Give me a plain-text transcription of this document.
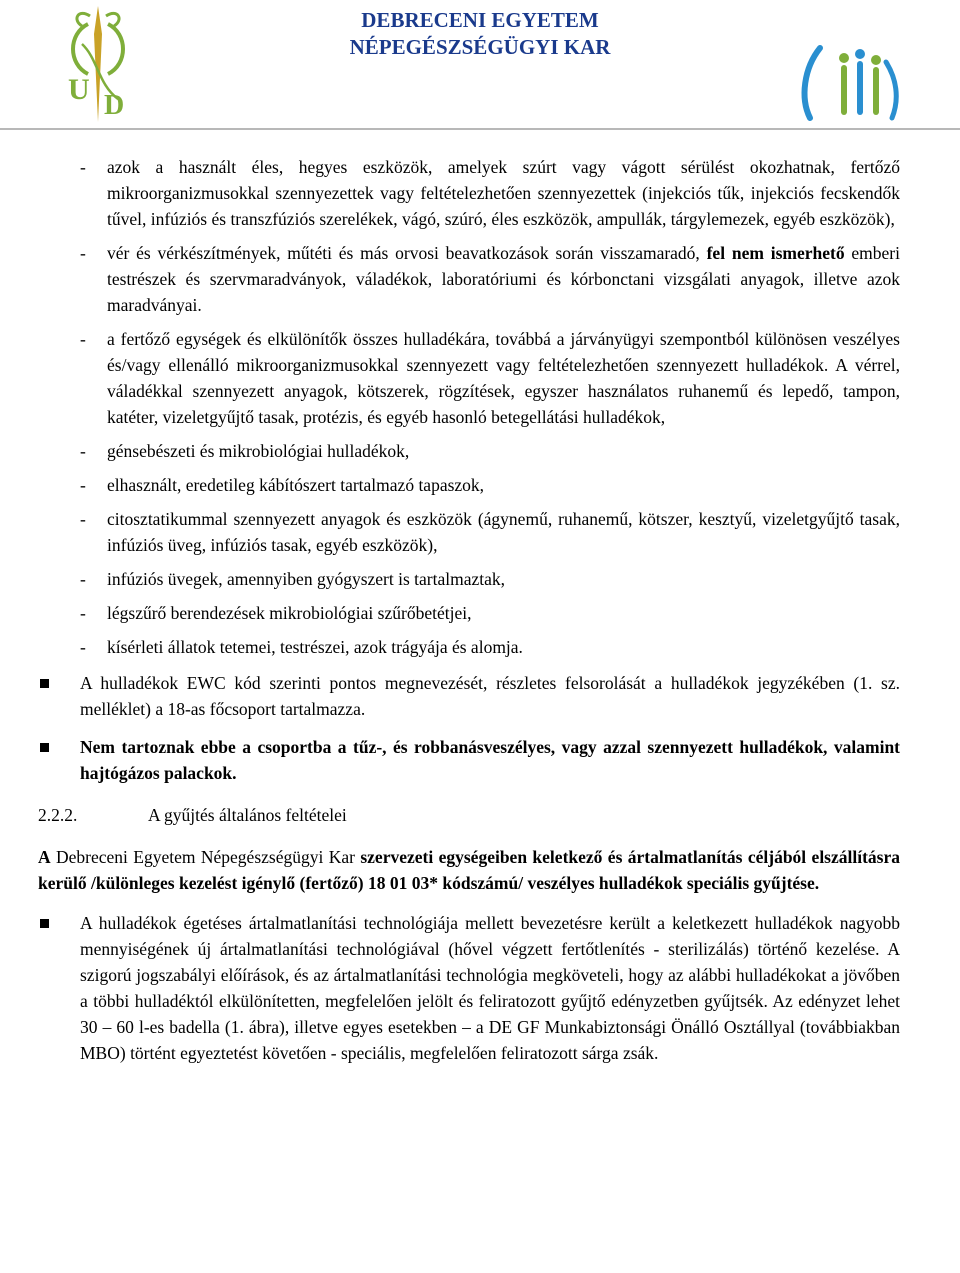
U D
DEBRECENI EGYETEM
NÉPEGÉSZSÉGÜGYI KAR
- azok a használt éles, hegyes eszközök, amelyek szúrt vagy vágott sérülést okozhatnak, fertőző mikroorganizmusokkal szennyezettek vagy feltételezhetően szennyezettek (injekciós tűk, injekciós fecskendők tűvel, infúziós és transzfúziós szerelékek, vágó, szúró, éles eszközök, ampullák, tárgylemezek, egyéb eszközök),
- vér és vérkészítmények, műtéti és más orvosi beavatkozások során visszamaradó, fel nem ismerhető emberi testrészek és szervmaradványok, váladékok, laboratóriumi és kórbonctani vizsgálati anyagok, illetve azok maradványai.
- a fertőző egységek és elkülönítők összes hulladékára, továbbá a járványügyi szempontból különösen veszélyes és/vagy ellenálló mikroorganizmusokkal szennyezett vagy feltételezhetően szennyezett hulladékok. A vérrel, váladékkal szennyezett anyagok, kötszerek, rögzítések, egyszer használatos ruhanemű és lepedő, tampon, katéter, vizeletgyűjtő tasak, protézis, és egyéb hasonló betegellátási hulladékok,
- génsebészeti és mikrobiológiai hulladékok,
- elhasznált, eredetileg kábítószert tartalmazó tapaszok,
- citosztatikummal szennyezett anyagok és eszközök (ágynemű, ruhanemű, kötszer, kesztyű, vizeletgyűjtő tasak, infúziós üveg, infúziós tasak, egyéb eszközök),
- infúziós üvegek, amennyiben gyógyszert is tartalmaztak,
- légszűrő berendezések mikrobiológiai szűrőbetétjei,
- kísérleti állatok tetemei, testrészei, azok trágyája és alomja.
A hulladékok EWC kód szerinti pontos megnevezését, részletes felsorolását a hulladékok jegyzékében (1. sz. melléklet) a 18-as főcsoport tartalmazza.
Nem tartoznak ebbe a csoportba a tűz-, és robbanásveszélyes, vagy azzal szennyezett hulladékok, valamint hajtógázos palackok.
2.2.2.	A gyűjtés általános feltételei
A Debreceni Egyetem Népegészségügyi Kar szervezeti egységeiben keletkező és ártalmatlanítás céljából elszállításra kerülő /különleges kezelést igénylő (fertőző) 18 01 03* kódszámú/ veszélyes hulladékok speciális gyűjtése.
A hulladékok égetéses ártalmatlanítási technológiája mellett bevezetésre került a keletkezett hulladékok nagyobb mennyiségének új ártalmatlanítási technológiával (hővel végzett fertőtlenítés - sterilizálás) történő kezelése. A szigorú jogszabályi előírások, és az ártalmatlanítási technológia megköveteli, hogy az alábbi hulladékokat a jövőben a többi hulladéktól elkülönítetten, megfelelően jelölt és feliratozott gyűjtő edényzetben gyűjtsék. Az edényzet lehet 30 – 60 l-es badella (1. ábra), illetve egyes esetekben – a DE GF Munkabiztonsági Önálló Osztállyal (továbbiakban MBO) történt egyeztetést követően - speciális, megfelelően feliratozott sárga zsák.
